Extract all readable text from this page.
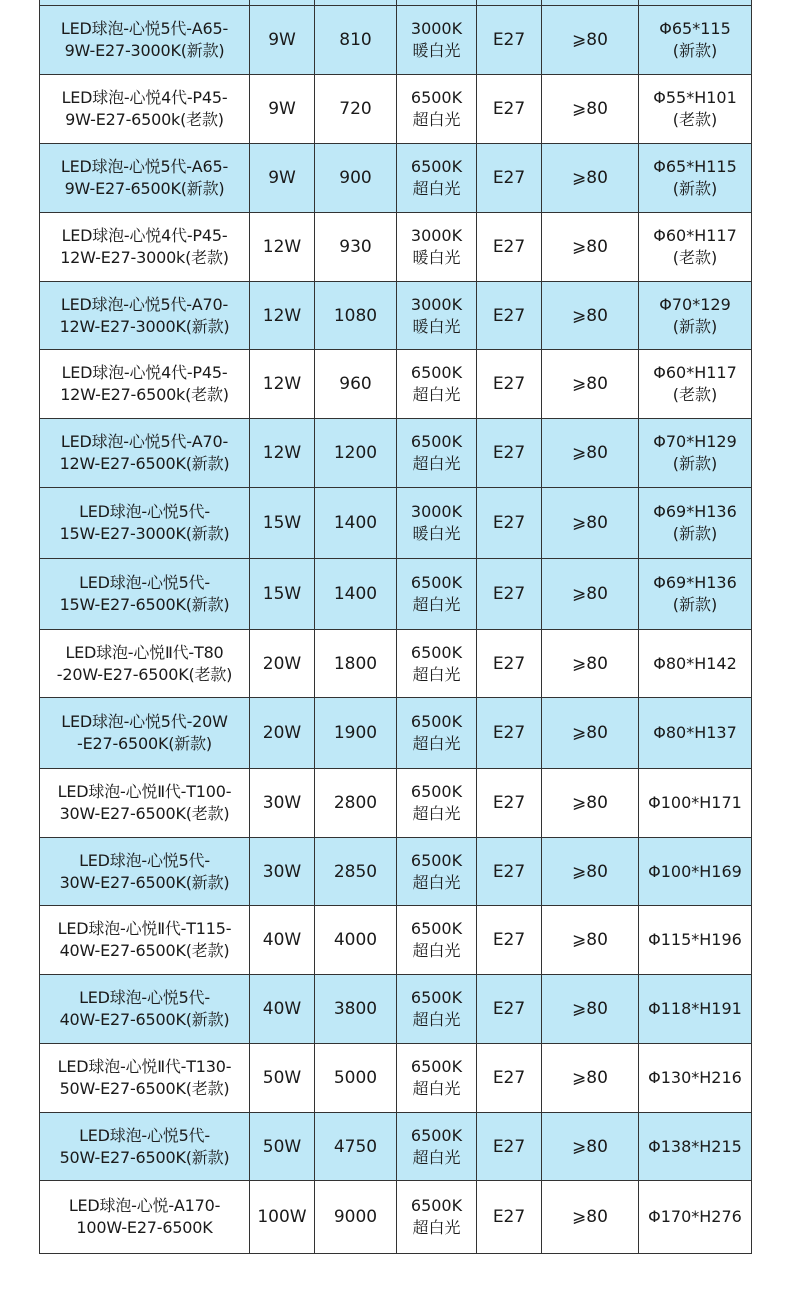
LED球泡-心悦5代-A65-
9W-E27-3000K(新款)	9W	810	3000K
暖白光	E27	⩾80	Φ65*115
(新款)

LED球泡-心悦4代-P45-
9W-E27-6500k(老款)	9W	720	6500K
超白光	E27	⩾80	Φ55*H101
(老款)

LED球泡-心悦5代-A65-
9W-E27-6500K(新款)	9W	900	6500K
超白光	E27	⩾80	Φ65*H115
(新款)

LED球泡-心悦4代-P45-
12W-E27-3000k(老款)	12W	930	3000K
暖白光	E27	⩾80	Φ60*H117
(老款)

LED球泡-心悦5代-A70-
12W-E27-3000K(新款)	12W	1080	3000K
暖白光	E27	⩾80	Φ70*129
(新款)

LED球泡-心悦4代-P45-
12W-E27-6500k(老款)	12W	960	6500K
超白光	E27	⩾80	Φ60*H117
(老款)

LED球泡-心悦5代-A70-
12W-E27-6500K(新款)	12W	1200	6500K
超白光	E27	⩾80	Φ70*H129
(新款)

LED球泡-心悦5代-
15W-E27-3000K(新款)	15W	1400	3000K
暖白光	E27	⩾80	Φ69*H136
(新款)

LED球泡-心悦5代-
15W-E27-6500K(新款)	15W	1400	6500K
超白光	E27	⩾80	Φ69*H136
(新款)

LED球泡-心悦Ⅱ代-T80
-20W-E27-6500K(老款)	20W	1800	6500K
超白光	E27	⩾80	Φ80*H142

LED球泡-心悦5代-20W
-E27-6500K(新款)	20W	1900	6500K
超白光	E27	⩾80	Φ80*H137

LED球泡-心悦Ⅱ代-T100-
30W-E27-6500K(老款)	30W	2800	6500K
超白光	E27	⩾80	Φ100*H171

LED球泡-心悦5代-
30W-E27-6500K(新款)	30W	2850	6500K
超白光	E27	⩾80	Φ100*H169

LED球泡-心悦Ⅱ代-T115-
40W-E27-6500K(老款)	40W	4000	6500K
超白光	E27	⩾80	Φ115*H196

LED球泡-心悦5代-
40W-E27-6500K(新款)	40W	3800	6500K
超白光	E27	⩾80	Φ118*H191

LED球泡-心悦Ⅱ代-T130-
50W-E27-6500K(老款)	50W	5000	6500K
超白光	E27	⩾80	Φ130*H216

LED球泡-心悦5代-
50W-E27-6500K(新款)	50W	4750	6500K
超白光	E27	⩾80	Φ138*H215

LED球泡-心悦-A170-
100W-E27-6500K	100W	9000	6500K
超白光	E27	⩾80	Φ170*H276
